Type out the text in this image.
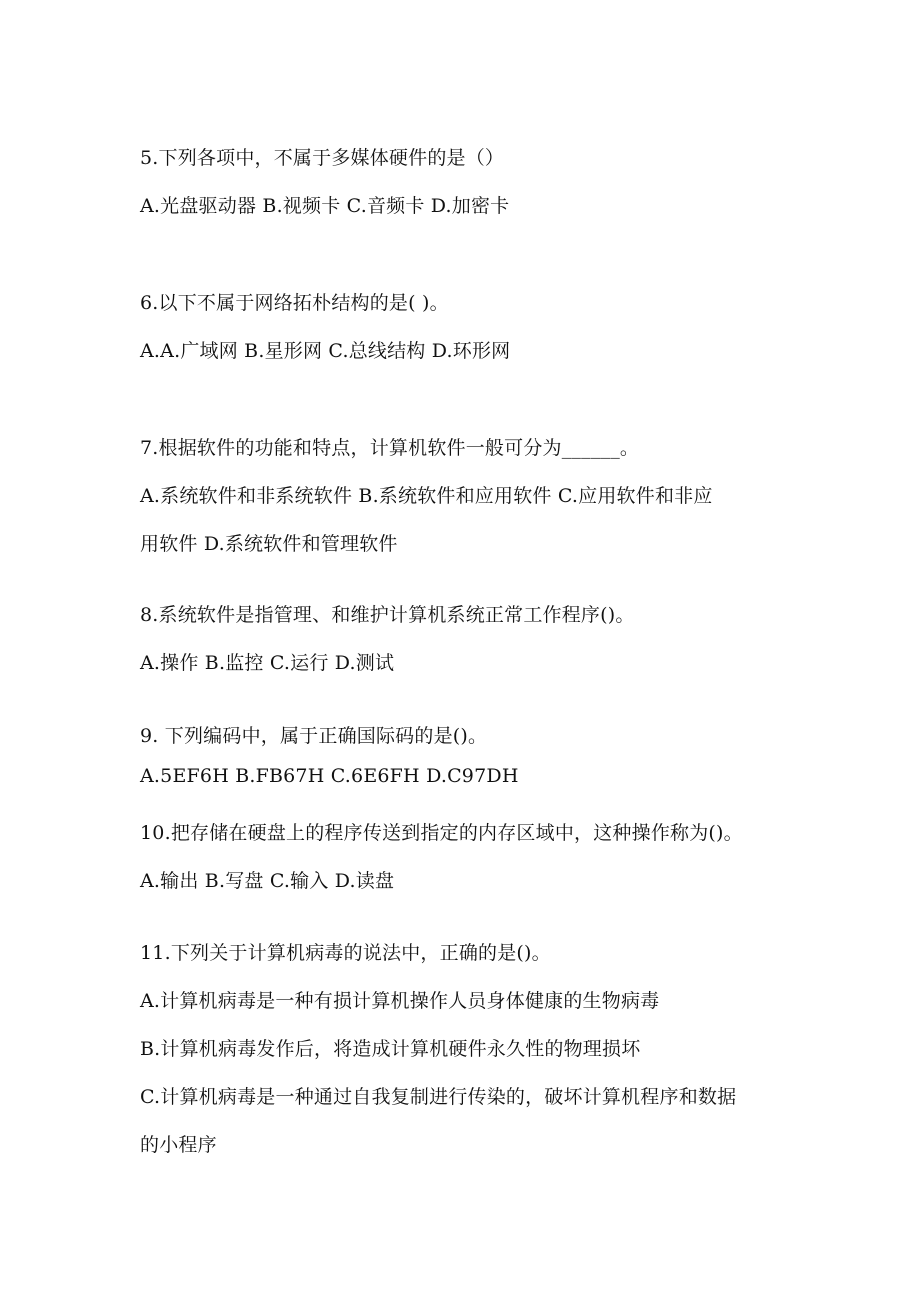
5.下列各项中，不属于多媒体硬件的是（）
A.光盘驱动器 B.视频卡 C.音频卡 D.加密卡
6.以下不属于网络拓朴结构的是( )。
A.A.广域网 B.星形网 C.总线结构 D.环形网
7.根据软件的功能和特点，计算机软件一般可分为______。
A.系统软件和非系统软件 B.系统软件和应用软件 C.应用软件和非应
用软件 D.系统软件和管理软件
8.系统软件是指管理、和维护计算机系统正常工作程序()。
A.操作 B.监控 C.运行 D.测试
9. 下列编码中，属于正确国际码的是()。
A.5EF6H B.FB67H C.6E6FH D.C97DH
10.把存储在硬盘上的程序传送到指定的内存区域中，这种操作称为()。
A.输出 B.写盘 C.输入 D.读盘
11.下列关于计算机病毒的说法中，正确的是()。
A.计算机病毒是一种有损计算机操作人员身体健康的生物病毒
B.计算机病毒发作后，将造成计算机硬件永久性的物理损坏
C.计算机病毒是一种通过自我复制进行传染的，破坏计算机程序和数据
的小程序
